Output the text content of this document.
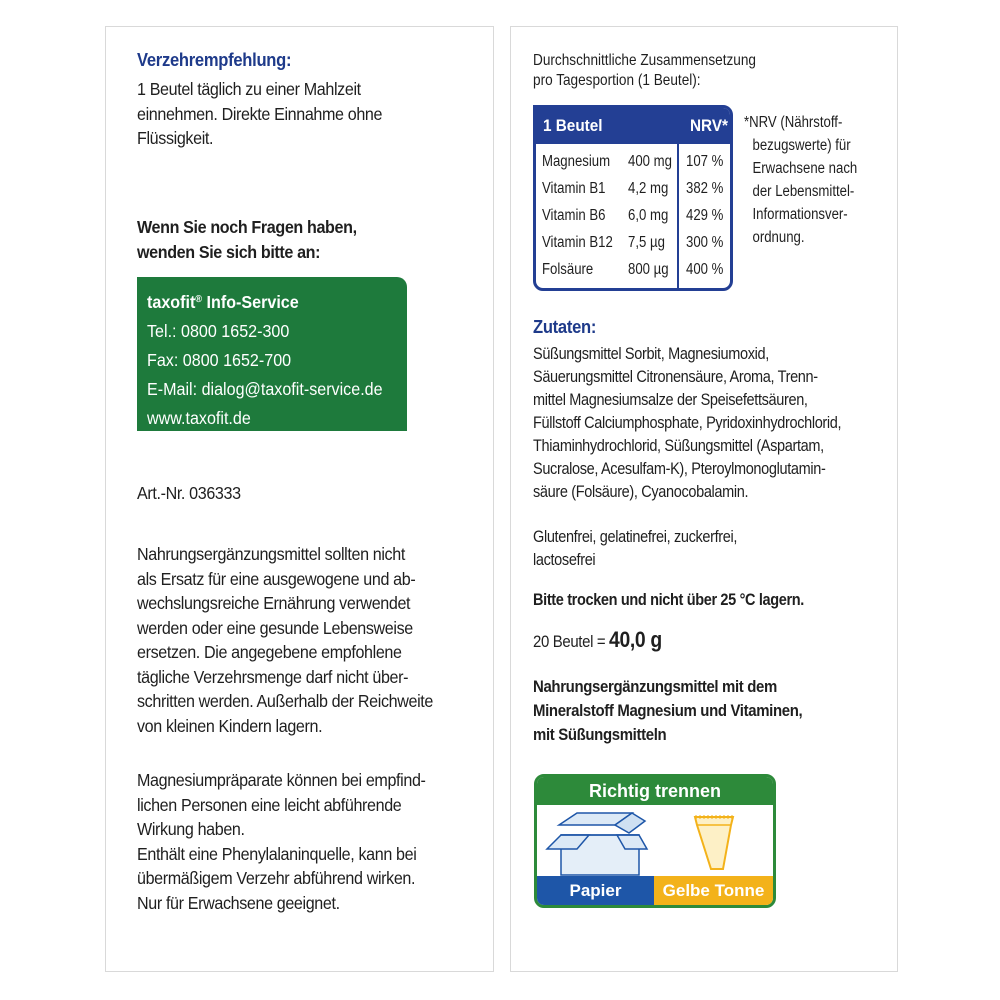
Verzehrempfehlung:
1 Beutel täglich zu einer Mahlzeit
einnehmen. Direkte Einnahme ohne
Flüssigkeit.
Wenn Sie noch Fragen haben,
wenden Sie sich bitte an:
taxofit® Info-Service
Tel.: 0800 1652-300
Fax: 0800 1652-700
E-Mail: dialog@taxofit-service.de
www.taxofit.de
Art.-Nr. 036333
Nahrungsergänzungsmittel sollten nicht
als Ersatz für eine ausgewogene und ab-
wechslungsreiche Ernährung verwendet
werden oder eine gesunde Lebensweise
ersetzen. Die angegebene empfohlene
tägliche Verzehrsmenge darf nicht über-
schritten werden. Außerhalb der Reichweite
von kleinen Kindern lagern.
Magnesiumpräparate können bei empfind-
lichen Personen eine leicht abführende
Wirkung haben.
Enthält eine Phenylalaninquelle, kann bei
übermäßigem Verzehr abführend wirken.
Nur für Erwachsene geeignet.
Durchschnittliche Zusammensetzung
pro Tagesportion (1 Beutel):
1 Beutel	NRV*
Magnesium 400 mg 107 %
Vitamin B1 4,2 mg 382 %
Vitamin B6 6,0 mg 429 %
Vitamin B12 7,5 µg 300 %
Folsäure 800 µg 400 %
*NRV (Nährstoff-
bezugswerte) für
Erwachsene nach
der Lebensmittel-
Informationsver-
ordnung.
Zutaten:
Süßungsmittel Sorbit, Magnesiumoxid,
Säuerungsmittel Citronensäure, Aroma, Trenn-
mittel Magnesiumsalze der Speisefettsäuren,
Füllstoff Calciumphosphate, Pyridoxinhydrochlorid,
Thiaminhydrochlorid, Süßungsmittel (Aspartam,
Sucralose, Acesulfam-K), Pteroylmonoglutamin-
säure (Folsäure), Cyanocobalamin.
Glutenfrei, gelatinefrei, zuckerfrei,
lactosefrei
Bitte trocken und nicht über 25 °C lagern.
20 Beutel = 40,0 g
Nahrungsergänzungsmittel mit dem
Mineralstoff Magnesium und Vitaminen,
mit Süßungsmitteln
Richtig trennen
Papier	Gelbe Tonne
